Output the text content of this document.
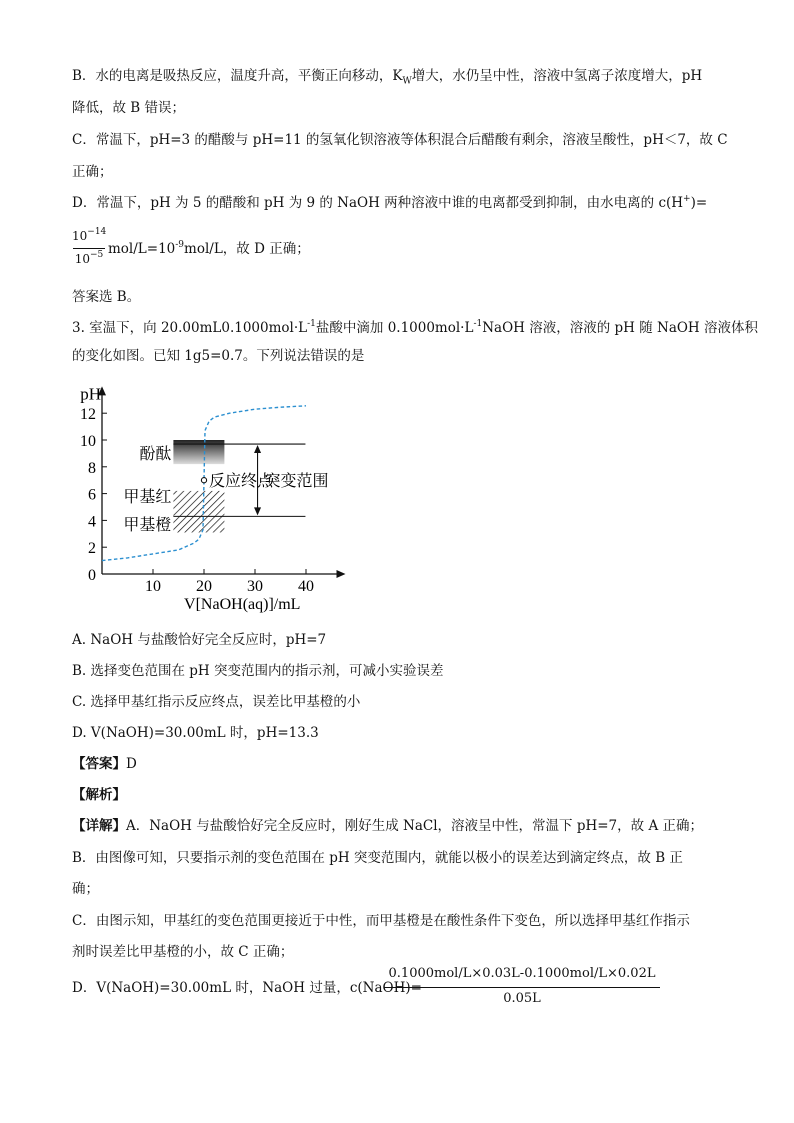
B．水的电离是吸热反应，温度升高，平衡正向移动，$K_W$增大，水仍呈中性，溶液中氢离子浓度增大，pH
降低，故 B 错误；
C．常温下，pH=3 的醋酸与 pH=11 的氢氧化钡溶液等体积混合后醋酸有剩余，溶液呈酸性，pH＜7，故 C
正确；
D．常温下，pH 为 5 的醋酸和 pH 为 9 的 NaOH 两种溶液中谁的电离都受到抑制，由水电离的 c(H+)=
$10^{-14}$
$10^{-5}$ mol/$L=10^{-9}mol/L$，故 D 正确；
答案选 B。
3. 室温下，向 $20.00mL0.1000mol\cdot L^{-1}$盐酸中滴加 $0.1000mol\cdot L^{-1}NaOH$ 溶液，溶液的 pH 随 NaOH 溶液体积
的变化如图。已知 1g5=0.7。下列说法错误的是
0
2
4
6
8
10
12
10 20 30 40
pH
V[NaOH(aq)]/mL
酚酞
甲基红
甲基橙
突变范围
反应终点
A. NaOH 与盐酸恰好完全反应时，pH=7
B. 选择变色范围在 pH 突变范围内的指示剂，可减小实验误差
C. 选择甲基红指示反应终点，误差比甲基橙的小
D. V(NaOH)=30.00mL 时，pH=13.3
【答案】D
【解析】
【详解】A．NaOH 与盐酸恰好完全反应时，刚好生成 NaCl，溶液呈中性，常温下 pH=7，故 A 正确；
B．由图像可知，只要指示剂的变色范围在 pH 突变范围内，就能以极小的误差达到滴定终点，故 B 正
确；
C．由图示知，甲基红的变色范围更接近于中性，而甲基橙是在酸性条件下变色，所以选择甲基红作指示
剂时误差比甲基橙的小，故 C 正确；
D．V(NaOH)=30.00mL 时，NaOH 过量，c(NaOH)=
0.1000mol/L×0.03L-0.1000mol/L×0.02L
0.05L
